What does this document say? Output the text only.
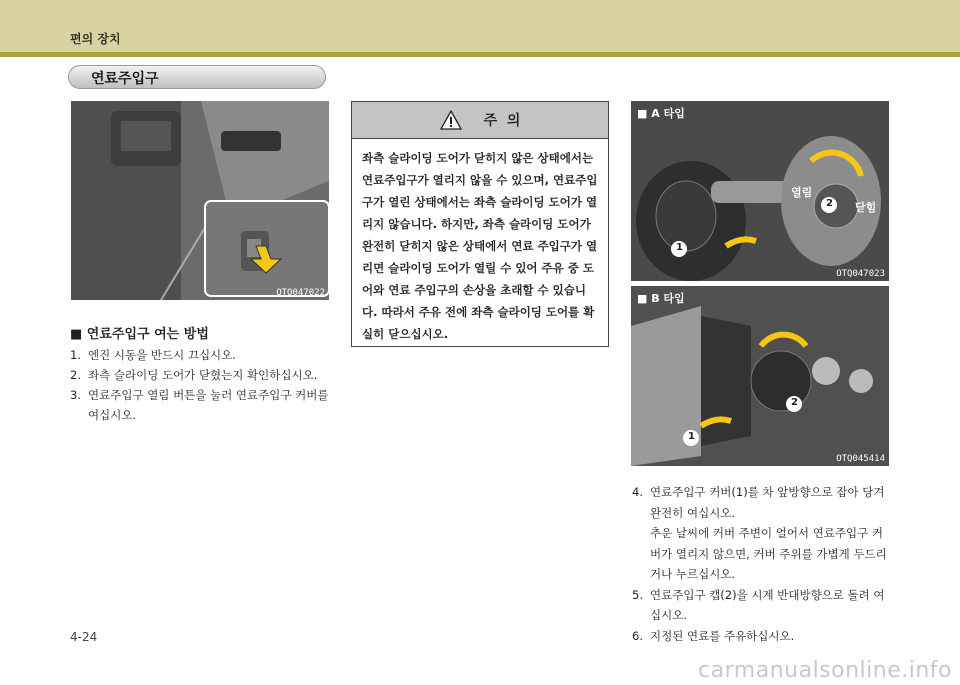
편의 장치
연료주입구
OTQ047022
■ 연료주입구 여는 방법
1. 엔진 시동을 반드시 끄십시오.
2. 좌측 슬라이딩 도어가 닫혔는지 확인하십시오.
3. 연료주입구 열림 버튼을 눌러 연료주입구 커버를 여십시오.
주  의
좌측 슬라이딩 도어가 닫히지 않은 상태에서는 연료주입구가 열리지 않을 수 있으며, 연료주입구가 열린 상태에서는 좌측 슬라이딩 도어가 열리지 않습니다. 하지만, 좌측 슬라이딩 도어가 완전히 닫히지 않은 상태에서 연료 주입구가 열리면 슬라이딩 도어가 열릴 수 있어 주유 중 도어와 연료 주입구의 손상을 초래할 수 있습니다. 따라서 주유 전에 좌측 슬라이딩 도어를 확실히 닫으십시오.
■ A 타입
열림
닫힘
1
2
OTQ047023
■ B 타입
1
2
OTQ045414
4. 연료주입구 커버(1)를 차 앞방향으로 잡아 당겨 완전히 여십시오.
추운 날씨에 커버 주변이 얼어서 연료주입구 커버가 열리지 않으면, 커버 주위를 가볍게 두드리거나 누르십시오.
5. 연료주입구 캡(2)을 시계 반대방향으로 돌려 여십시오.
6. 지정된 연료를 주유하십시오.
4-24
carmanualsonline.info
